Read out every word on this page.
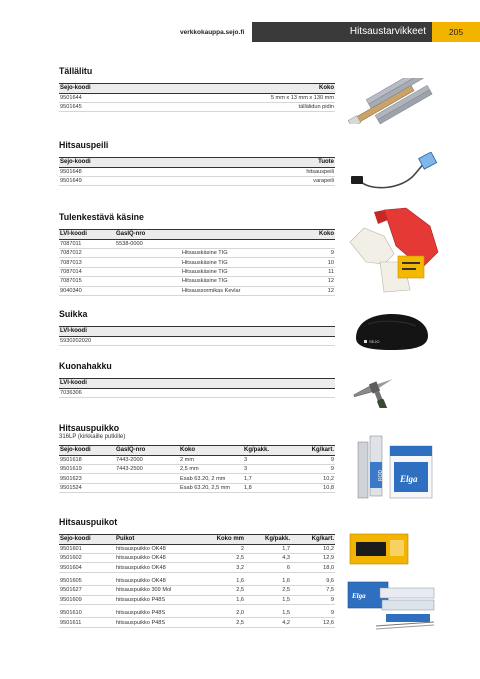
verkkokauppa.sejo.fi	Hitsaustarvikkeet	205
Tällälitu
Sejo-koodi	Koko
9501644	5 mm x 13 mm x 130 mm
9501645	tällälidun pidin
Hitsauspeili
Sejo-koodi	Tuote
9501648	hitsauspeili
9501649	varapeili
Tulenkestävä käsine
LVI-koodi	GasIQ-nro		Koko
7087011	5538-0000		
7087012		Hitsauskäsine TIG	9
7087013		Hitsauskäsine TIG	10
7087014		Hitsauskäsine TIG	11
7087015		Hitsauskäsine TIG	12
9040340		Hitsaussormikas Kevlar	12
Suikka
LVI-koodi
5930202020
Kuonahakku
LVI-koodi
7036306
Hitsauspuikko
316LP (kirkkaille putkille)
Sejo-koodi	GasIQ-nro	Koko	Kg/pakk.	Kg/kart.
9501618	7443-2000	2 mm	3	9
9501619	7443-2500	2,5 mm	3	9
9501623		Esab 63.20, 2 mm	1,7	10,2
9501524		Esab 63.20, 2,5 mm	1,8	10,8
Hitsauspuikot
Sejo-koodi	Puikot	Koko mm	Kg/pakk.	Kg/kart.
9501601	hitsauspuikko OK48	2	1,7	10,2
9501602	hitsauspuikko OK48	2,5	4,3	12,9
9501604	hitsauspuikko OK48	3,2	6	18,0

9501605	hitsauspuikko OK48	1,6	1,6	9,6
9501627	hitsauspuikko 309 Mol	2,5	2,5	7,5
9501609	hitsauspuikko P48S	1,6	1,5	9

9501610	hitsauspuikko P48S	2,0	1,5	9
9501611	hitsauspuikko P48S	2,5	4,2	12,6
SEJO
ROD Elga
Elga
